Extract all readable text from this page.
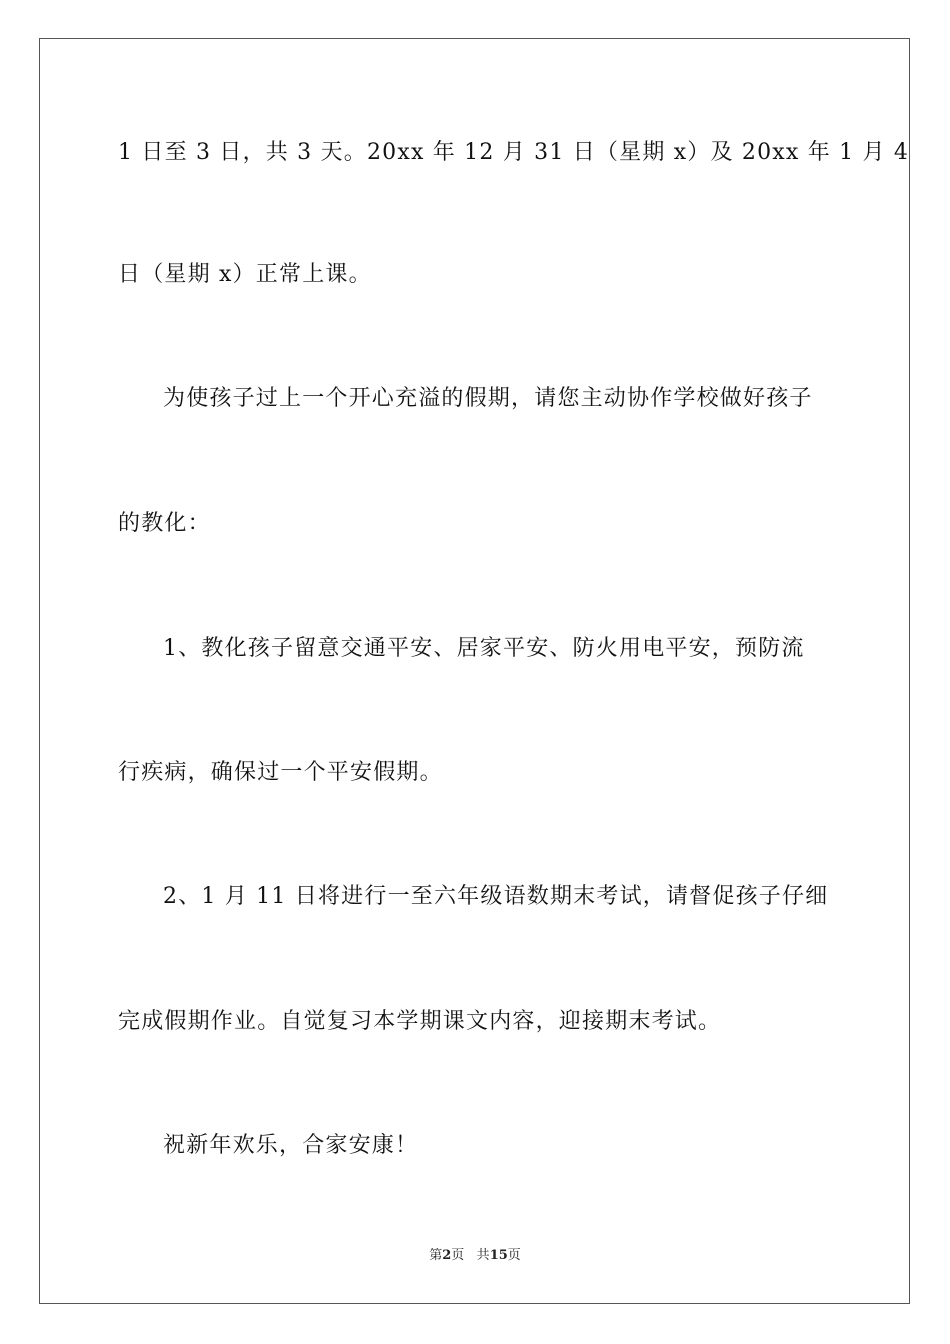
1 日至 3 日，共 3 天。20xx 年 12 月 31 日（星期 x）及 20xx 年 1 月 4
日（星期 x）正常上课。
为使孩子过上一个开心充溢的假期，请您主动协作学校做好孩子
的教化：
1、教化孩子留意交通平安、居家平安、防火用电平安，预防流
行疾病，确保过一个平安假期。
2、1 月 11 日将进行一至六年级语数期末考试，请督促孩子仔细
完成假期作业。自觉复习本学期课文内容，迎接期末考试。
祝新年欢乐，合家安康！
第2页 共15页
